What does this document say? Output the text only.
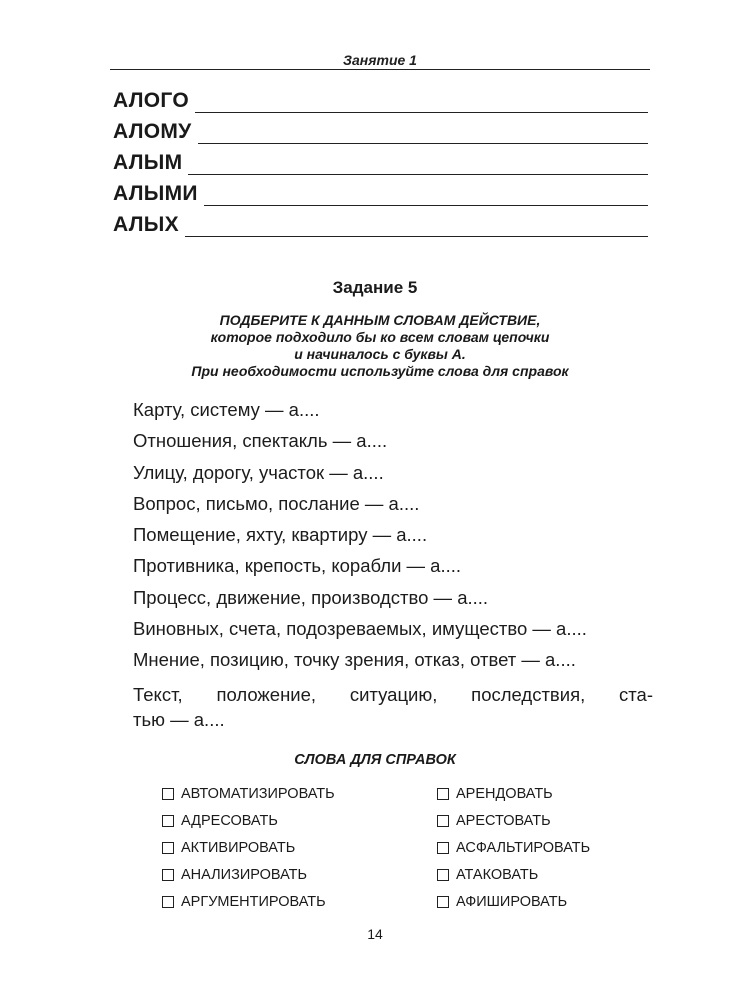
Занятие 1
АЛОГО
АЛОМУ
АЛЫМ
АЛЫМИ
АЛЫХ
Задание 5
ПОДБЕРИТЕ К ДАННЫМ СЛОВАМ ДЕЙСТВИЕ,
которое подходило бы ко всем словам цепочки
и начиналось с буквы А.
При необходимости используйте слова для справок
Карту, систему — а....
Отношения, спектакль — а....
Улицу, дорогу, участок — а....
Вопрос, письмо, послание — а....
Помещение, яхту, квартиру — а....
Противника, крепость, корабли — а....
Процесс, движение, производство — а....
Виновных, счета, подозреваемых, имущество — а....
Мнение, позицию, точку зрения, отказ, ответ — а....
Текст, положение, ситуацию, последствия, ста-
тью — а....
СЛОВА ДЛЯ СПРАВОК
АВТОМАТИЗИРОВАТЬ
АДРЕСОВАТЬ
АКТИВИРОВАТЬ
АНАЛИЗИРОВАТЬ
АРГУМЕНТИРОВАТЬ
АРЕНДОВАТЬ
АРЕСТОВАТЬ
АСФАЛЬТИРОВАТЬ
АТАКОВАТЬ
АФИШИРОВАТЬ
14
